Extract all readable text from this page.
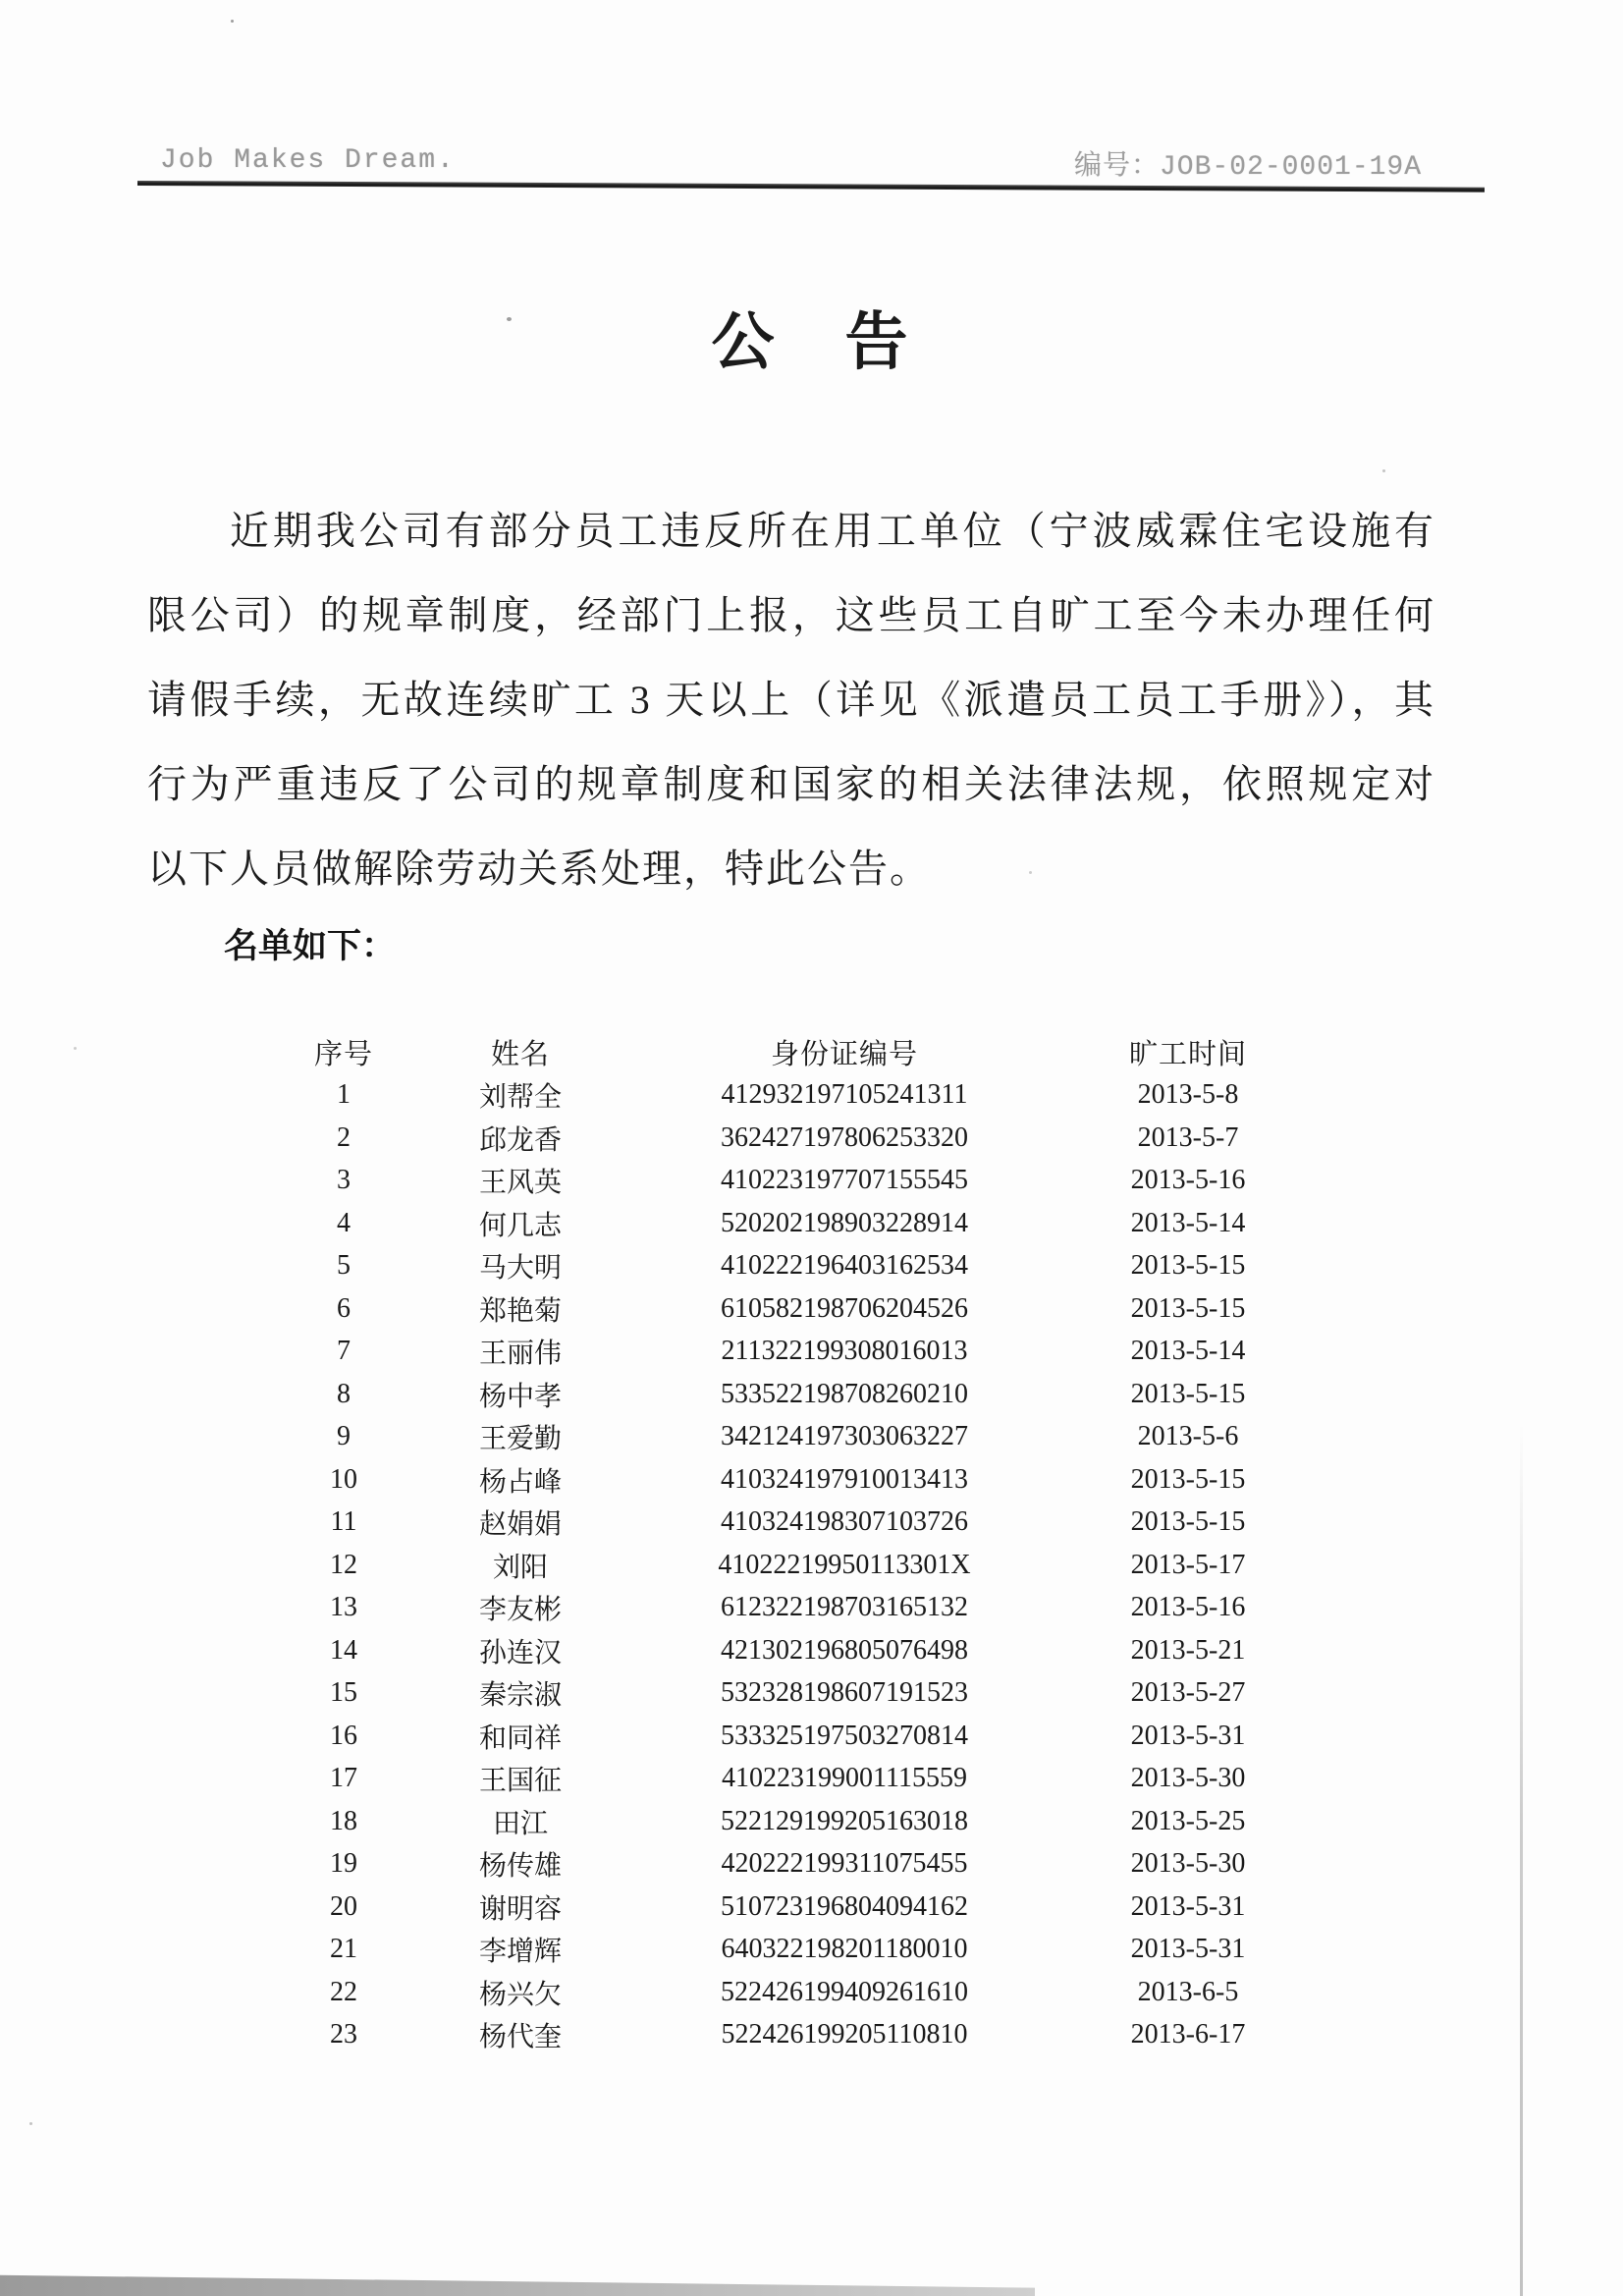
Job Makes Dream.	编号：JOB-02-0001-19A
公　告
近期我公司有部分员工违反所在用工单位（宁波威霖住宅设施有
限公司）的规章制度，经部门上报，这些员工自旷工至今未办理任何
请假手续，无故连续旷工 3 天以上（详见《派遣员工员工手册》），其
行为严重违反了公司的规章制度和国家的相关法律法规，依照规定对
以下人员做解除劳动关系处理，特此公告。
名单如下：
序号	姓名	身份证编号	旷工时间
1	刘帮全	412932197105241311	2013-5-8
2	邱龙香	362427197806253320	2013-5-7
3	王风英	410223197707155545	2013-5-16
4	何几志	520202198903228914	2013-5-14
5	马大明	410222196403162534	2013-5-15
6	郑艳菊	610582198706204526	2013-5-15
7	王丽伟	211322199308016013	2013-5-14
8	杨中孝	533522198708260210	2013-5-15
9	王爱勤	342124197303063227	2013-5-6
10	杨占峰	410324197910013413	2013-5-15
11	赵娟娟	410324198307103726	2013-5-15
12	刘阳	41022219950113301X	2013-5-17
13	李友彬	612322198703165132	2013-5-16
14	孙连汉	421302196805076498	2013-5-21
15	秦宗淑	532328198607191523	2013-5-27
16	和同祥	533325197503270814	2013-5-31
17	王国征	410223199001115559	2013-5-30
18	田江	522129199205163018	2013-5-25
19	杨传雄	420222199311075455	2013-5-30
20	谢明容	510723196804094162	2013-5-31
21	李增辉	640322198201180010	2013-5-31
22	杨兴欠	522426199409261610	2013-6-5
23	杨代奎	522426199205110810	2013-6-17
